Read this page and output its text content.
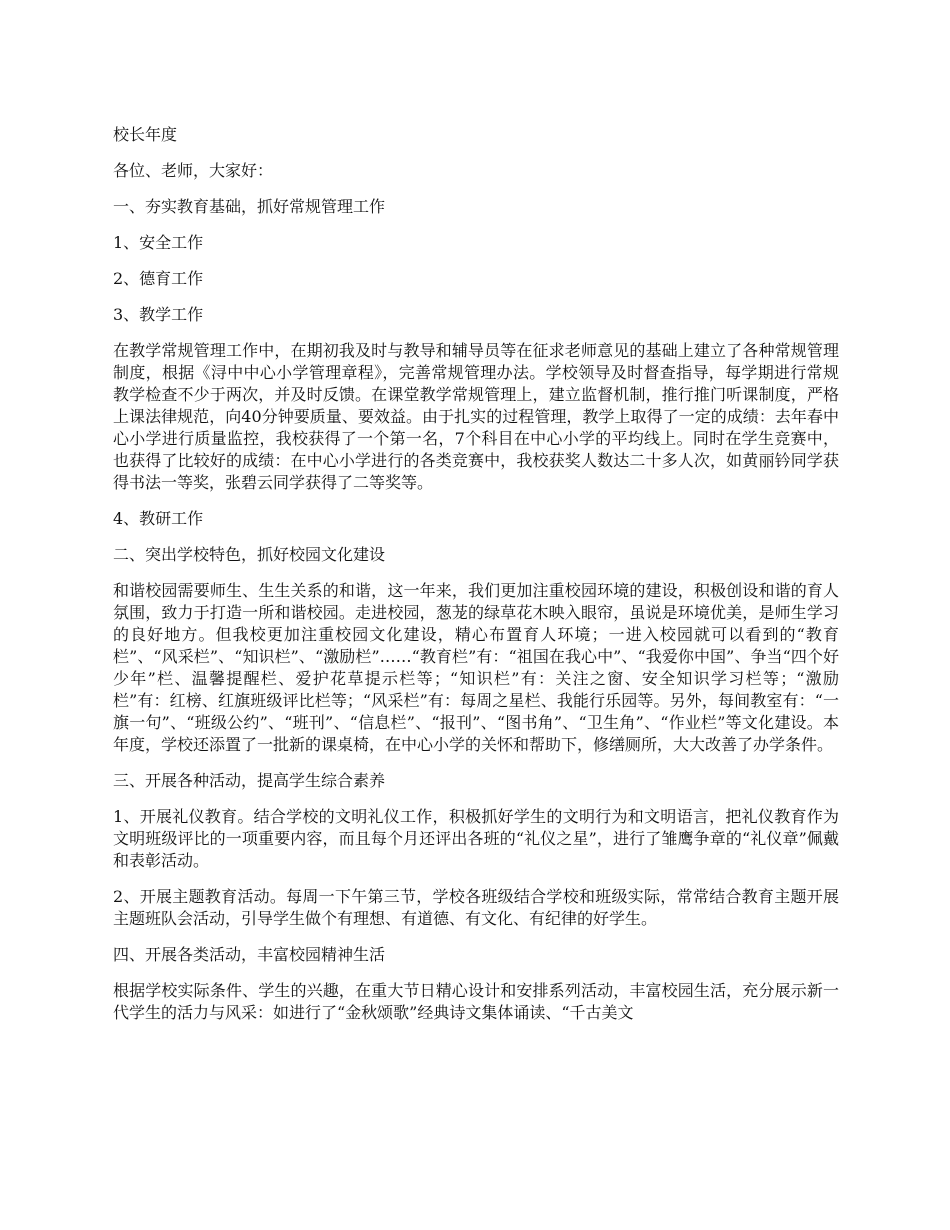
校长年度

各位、老师，大家好：

一、夯实教育基础，抓好常规管理工作

1、安全工作

2、德育工作

3、教学工作

在教学常规管理工作中，在期初我及时与教导和辅导员等在征求老师意见的基础上建立了各种常规管理制度，根据《浔中中心小学管理章程》，完善常规管理办法。学校领导及时督查指导，每学期进行常规教学检查不少于两次，并及时反馈。在课堂教学常规管理上，建立监督机制，推行推门听课制度，严格上课法律规范，向40分钟要质量、要效益。由于扎实的过程管理，教学上取得了一定的成绩：去年春中心小学进行质量监控，我校获得了一个第一名，7个科目在中心小学的平均线上。同时在学生竞赛中，也获得了比较好的成绩：在中心小学进行的各类竞赛中，我校获奖人数达二十多人次，如黄丽钤同学获得书法一等奖，张碧云同学获得了二等奖等。

4、教研工作

二、突出学校特色，抓好校园文化建设

和谐校园需要师生、生生关系的和谐，这一年来，我们更加注重校园环境的建设，积极创设和谐的育人氛围，致力于打造一所和谐校园。走进校园，葱茏的绿草花木映入眼帘，虽说是环境优美，是师生学习的良好地方。但我校更加注重校园文化建设，精心布置育人环境；一进入校园就可以看到的“教育栏”、“风采栏”、“知识栏”、“激励栏”……“教育栏”有：“祖国在我心中”、“我爱你中国”、争当“四个好少年”栏、温馨提醒栏、爱护花草提示栏等；“知识栏”有：关注之窗、安全知识学习栏等；“激励栏”有：红榜、红旗班级评比栏等；“风采栏”有：每周之星栏、我能行乐园等。另外，每间教室有：“一旗一句”、“班级公约”、“班刊”、“信息栏”、“报刊”、“图书角”、“卫生角”、“作业栏”等文化建设。本年度，学校还添置了一批新的课桌椅，在中心小学的关怀和帮助下，修缮厕所，大大改善了办学条件。

三、开展各种活动，提高学生综合素养

1、开展礼仪教育。结合学校的文明礼仪工作，积极抓好学生的文明行为和文明语言，把礼仪教育作为文明班级评比的一项重要内容，而且每个月还评出各班的“礼仪之星”，进行了雏鹰争章的“礼仪章”佩戴和表彰活动。

2、开展主题教育活动。每周一下午第三节，学校各班级结合学校和班级实际，常常结合教育主题开展主题班队会活动，引导学生做个有理想、有道德、有文化、有纪律的好学生。

四、开展各类活动，丰富校园精神生活

根据学校实际条件、学生的兴趣，在重大节日精心设计和安排系列活动，丰富校园生活，充分展示新一代学生的活力与风采：如进行了“金秋颂歌”经典诗文集体诵读、“千古美文
